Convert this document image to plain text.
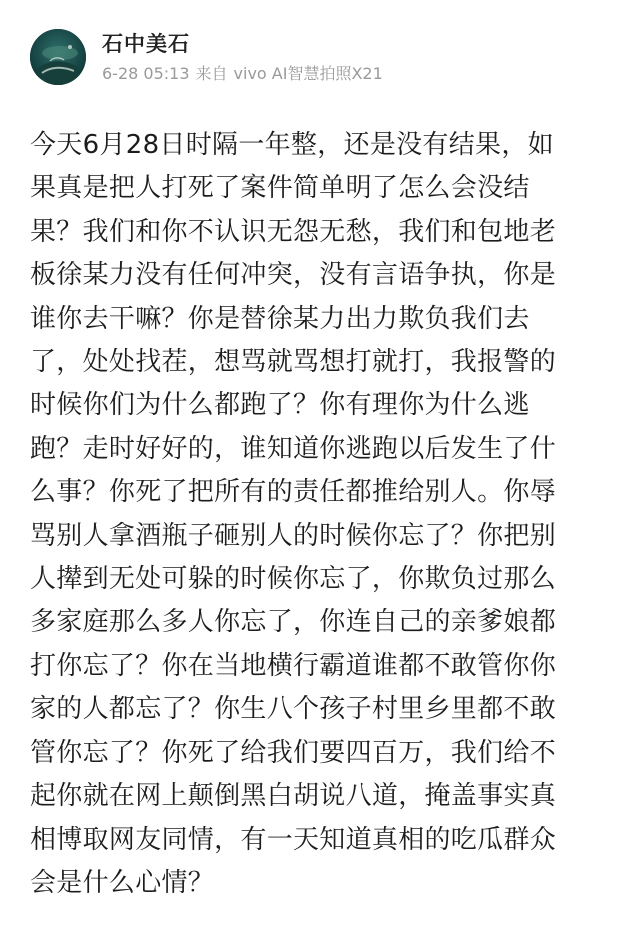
石中美石
6-28 05:13 来自 vivo AI智慧拍照X21
今天6月28日时隔一年整，还是没有结果，如
果真是把人打死了案件简单明了怎么会没结
果？我们和你不认识无怨无愁，我们和包地老
板徐某力没有任何冲突，没有言语争执，你是
谁你去干嘛？你是替徐某力出力欺负我们去
了，处处找茬，想骂就骂想打就打，我报警的
时候你们为什么都跑了？你有理你为什么逃
跑？走时好好的，谁知道你逃跑以后发生了什
么事？你死了把所有的责任都推给别人。你辱
骂别人拿酒瓶子砸别人的时候你忘了？你把别
人撵到无处可躲的时候你忘了，你欺负过那么
多家庭那么多人你忘了，你连自己的亲爹娘都
打你忘了？你在当地横行霸道谁都不敢管你你
家的人都忘了？你生八个孩子村里乡里都不敢
管你忘了？你死了给我们要四百万，我们给不
起你就在网上颠倒黑白胡说八道，掩盖事实真
相博取网友同情，有一天知道真相的吃瓜群众
会是什么心情？
